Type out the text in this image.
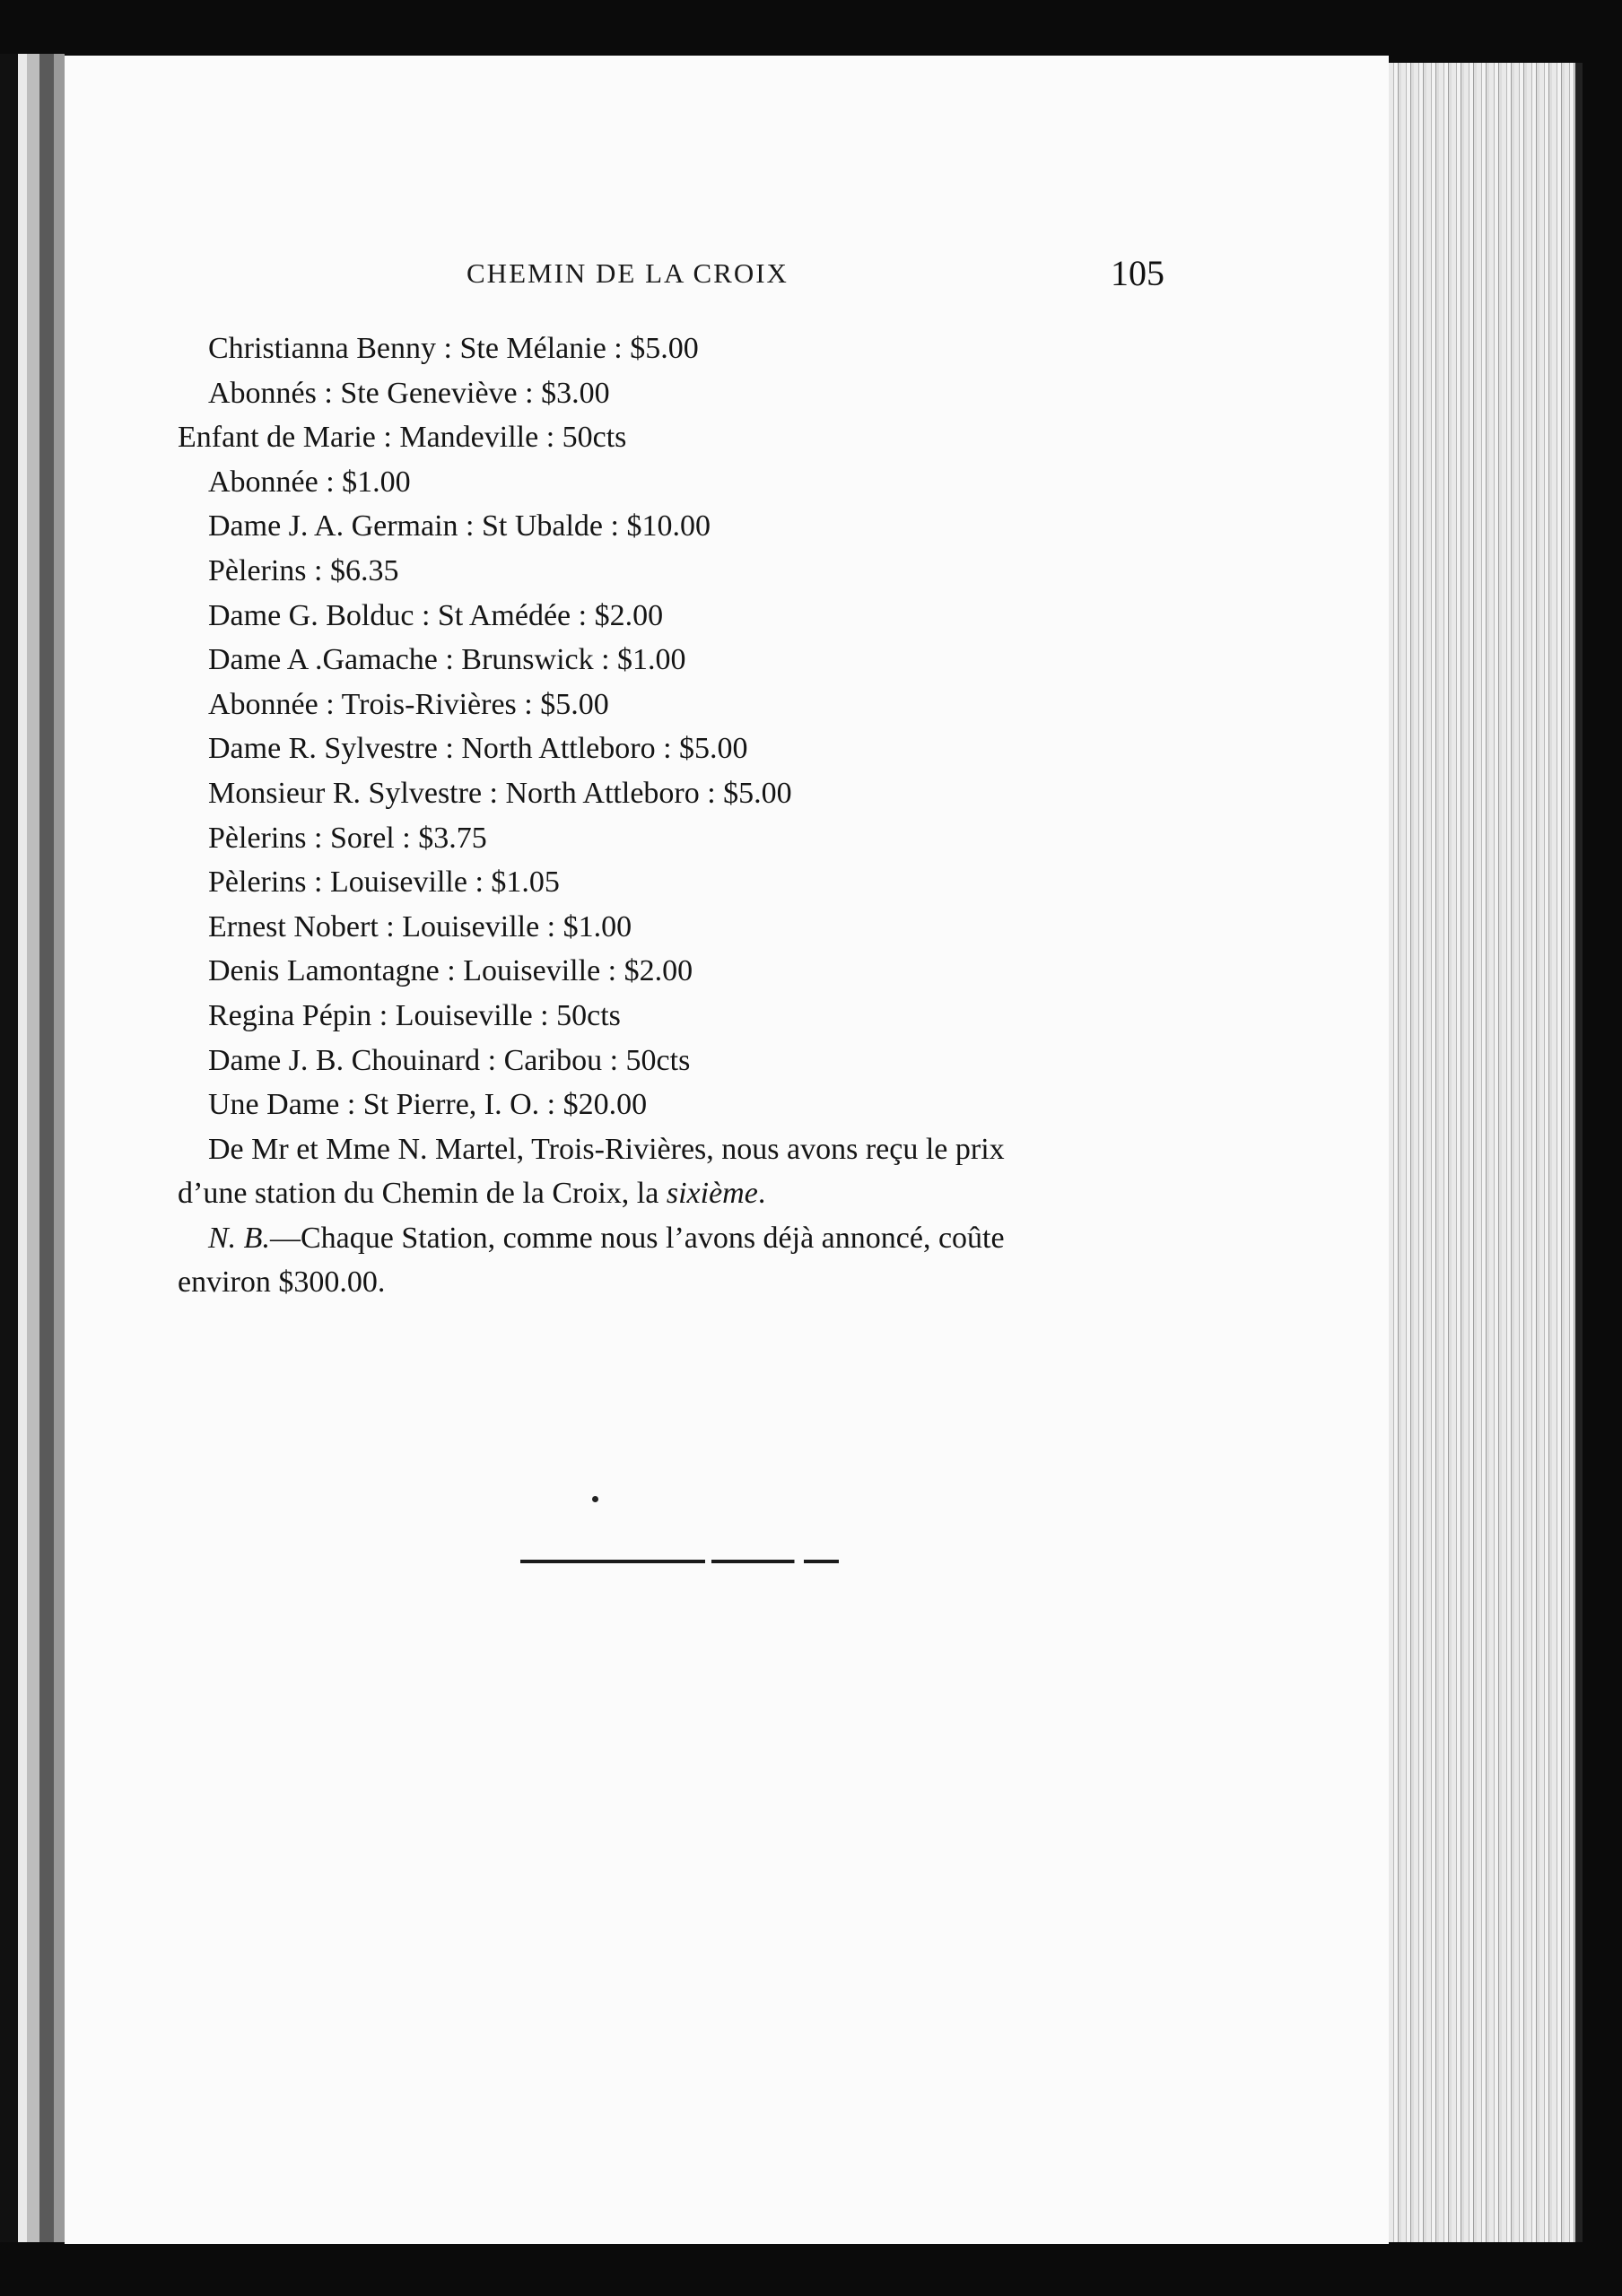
CHEMIN DE LA CROIX	105
Christianna Benny : Ste Mélanie : $5.00
Abonnés : Ste Geneviève : $3.00
Enfant de Marie : Mandeville : 50cts
Abonnée : $1.00
Dame J. A. Germain : St Ubalde : $10.00
Pèlerins : $6.35
Dame G. Bolduc : St Amédée : $2.00
Dame A .Gamache : Brunswick : $1.00
Abonnée : Trois-Rivières : $5.00
Dame R. Sylvestre : North Attleboro : $5.00
Monsieur R. Sylvestre : North Attleboro : $5.00
Pèlerins : Sorel : $3.75
Pèlerins : Louiseville : $1.05
Ernest Nobert : Louiseville : $1.00
Denis Lamontagne : Louiseville : $2.00
Regina Pépin : Louiseville : 50cts
Dame J. B. Chouinard : Caribou : 50cts
Une Dame : St Pierre, I. O. : $20.00
De Mr et Mme N. Martel, Trois-Rivières, nous avons reçu le prix
d’une station du Chemin de la Croix, la sixième.
N. B.—Chaque Station, comme nous l’avons déjà annoncé, coûte
environ $300.00.
